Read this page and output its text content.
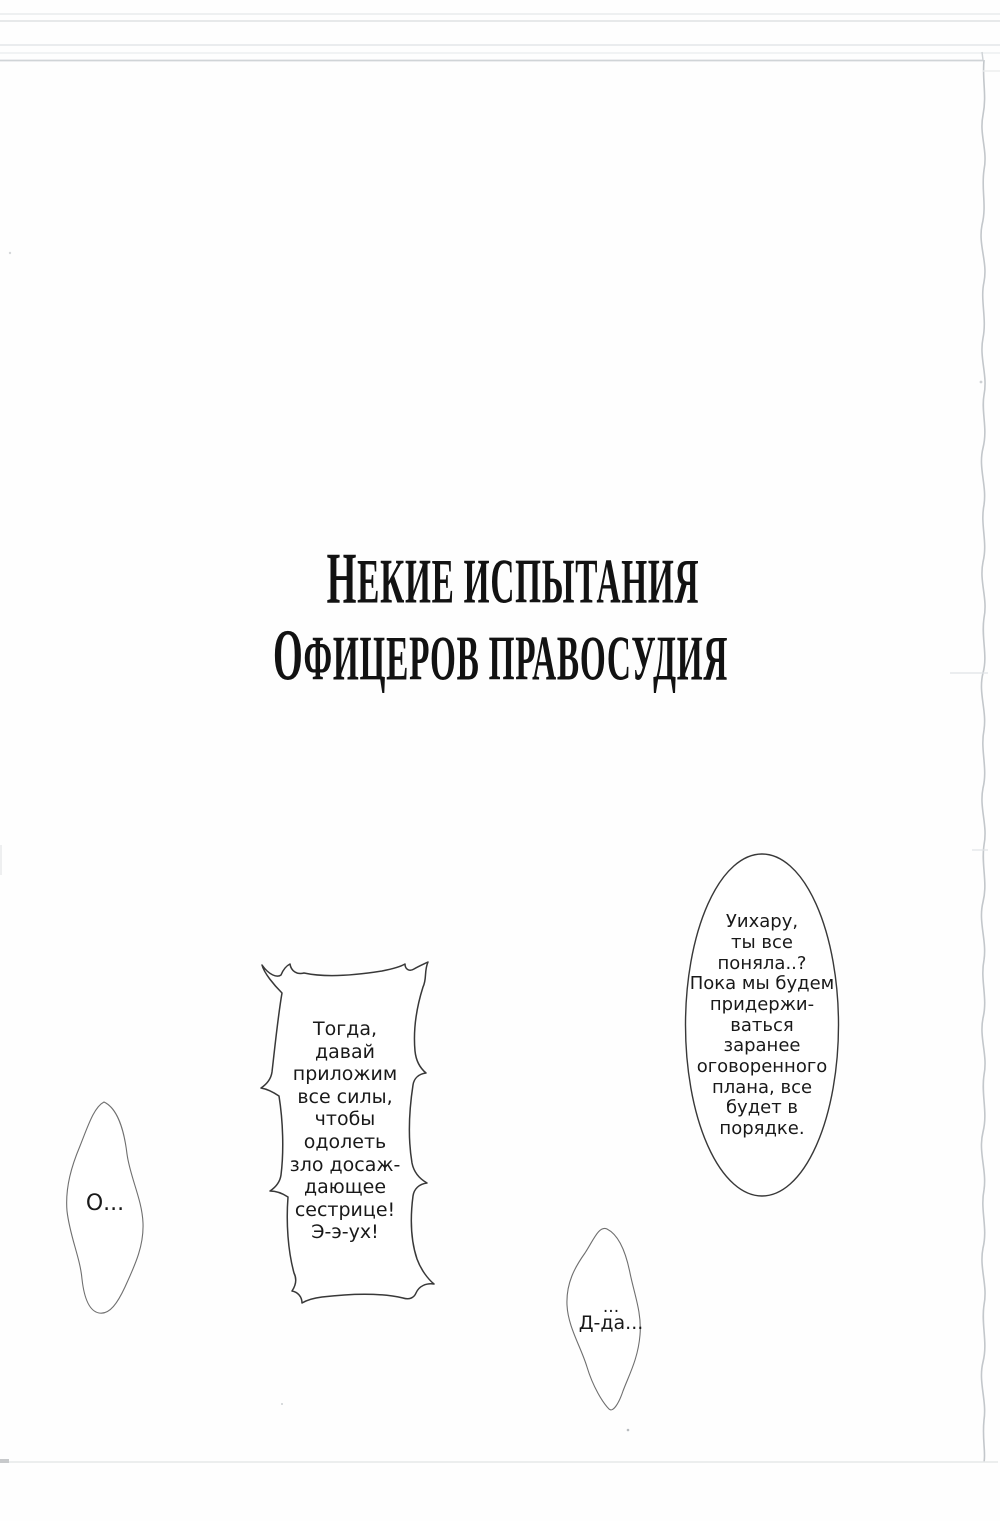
НЕКИЕ ИСПЫТАНИЯ
ОФИЦЕРОВ ПРАВОСУДИЯ
Уихару,
ты все
поняла..?
Пока мы будем
придержи-
ваться
заранее
оговоренного
плана, все
будет в
порядке.
Тогда,
давай
приложим
все силы,
чтобы
одолеть
зло досаж-
дающее
сестрице!
Э-э-ух!
О...
...
Д-да...
